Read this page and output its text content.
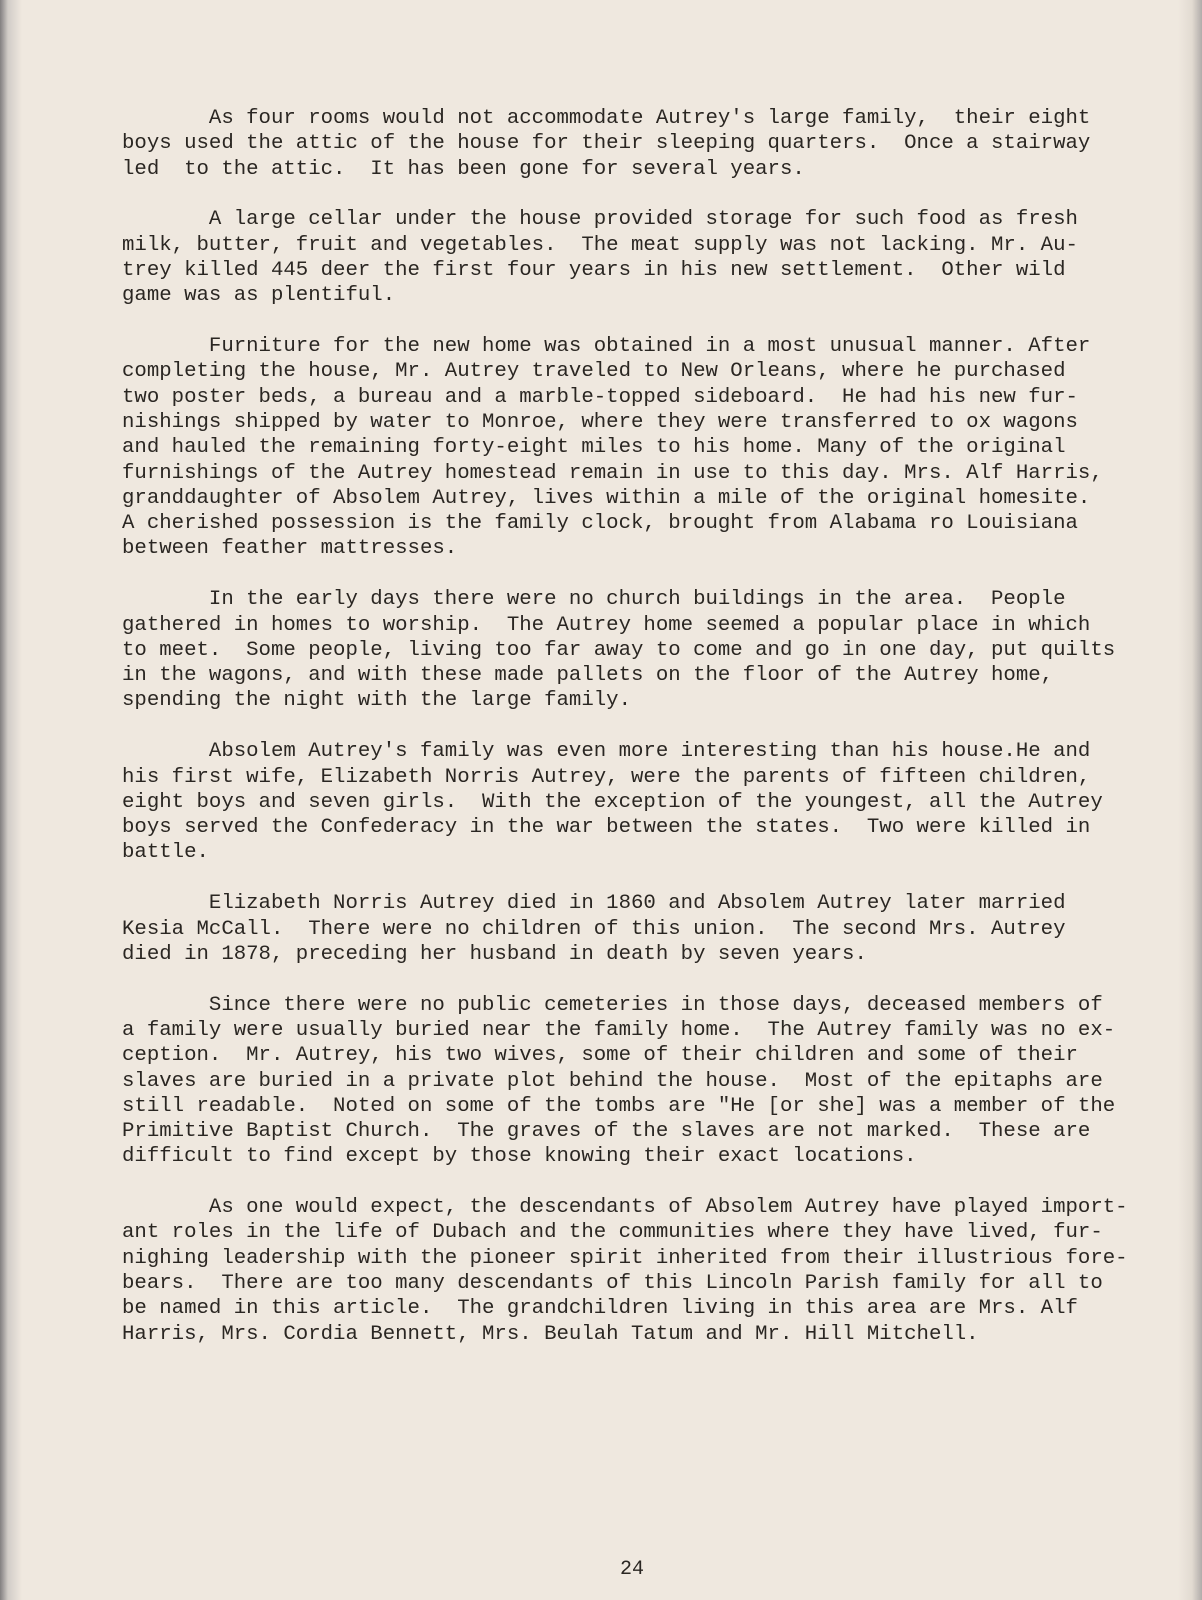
As four rooms would not accommodate Autrey's large family,  their eight
boys used the attic of the house for their sleeping quarters.  Once a stairway
led  to the attic.  It has been gone for several years.

A large cellar under the house provided storage for such food as fresh
milk, butter, fruit and vegetables.  The meat supply was not lacking. Mr. Au-
trey killed 445 deer the first four years in his new settlement.  Other wild
game was as plentiful.

Furniture for the new home was obtained in a most unusual manner. After
completing the house, Mr. Autrey traveled to New Orleans, where he purchased
two poster beds, a bureau and a marble-topped sideboard.  He had his new fur-
nishings shipped by water to Monroe, where they were transferred to ox wagons
and hauled the remaining forty-eight miles to his home. Many of the original
furnishings of the Autrey homestead remain in use to this day. Mrs. Alf Harris,
granddaughter of Absolem Autrey, lives within a mile of the original homesite.
A cherished possession is the family clock, brought from Alabama ro Louisiana
between feather mattresses.

In the early days there were no church buildings in the area.  People
gathered in homes to worship.  The Autrey home seemed a popular place in which
to meet.  Some people, living too far away to come and go in one day, put quilts
in the wagons, and with these made pallets on the floor of the Autrey home,
spending the night with the large family.

Absolem Autrey's family was even more interesting than his house.He and
his first wife, Elizabeth Norris Autrey, were the parents of fifteen children,
eight boys and seven girls.  With the exception of the youngest, all the Autrey
boys served the Confederacy in the war between the states.  Two were killed in
battle.

Elizabeth Norris Autrey died in 1860 and Absolem Autrey later married
Kesia McCall.  There were no children of this union.  The second Mrs. Autrey
died in 1878, preceding her husband in death by seven years.

Since there were no public cemeteries in those days, deceased members of
a family were usually buried near the family home.  The Autrey family was no ex-
ception.  Mr. Autrey, his two wives, some of their children and some of their
slaves are buried in a private plot behind the house.  Most of the epitaphs are
still readable.  Noted on some of the tombs are "He [or she] was a member of the
Primitive Baptist Church.  The graves of the slaves are not marked.  These are
difficult to find except by those knowing their exact locations.

As one would expect, the descendants of Absolem Autrey have played import-
ant roles in the life of Dubach and the communities where they have lived, fur-
nighing leadership with the pioneer spirit inherited from their illustrious fore-
bears.  There are too many descendants of this Lincoln Parish family for all to
be named in this article.  The grandchildren living in this area are Mrs. Alf
Harris, Mrs. Cordia Bennett, Mrs. Beulah Tatum and Mr. Hill Mitchell.

24
